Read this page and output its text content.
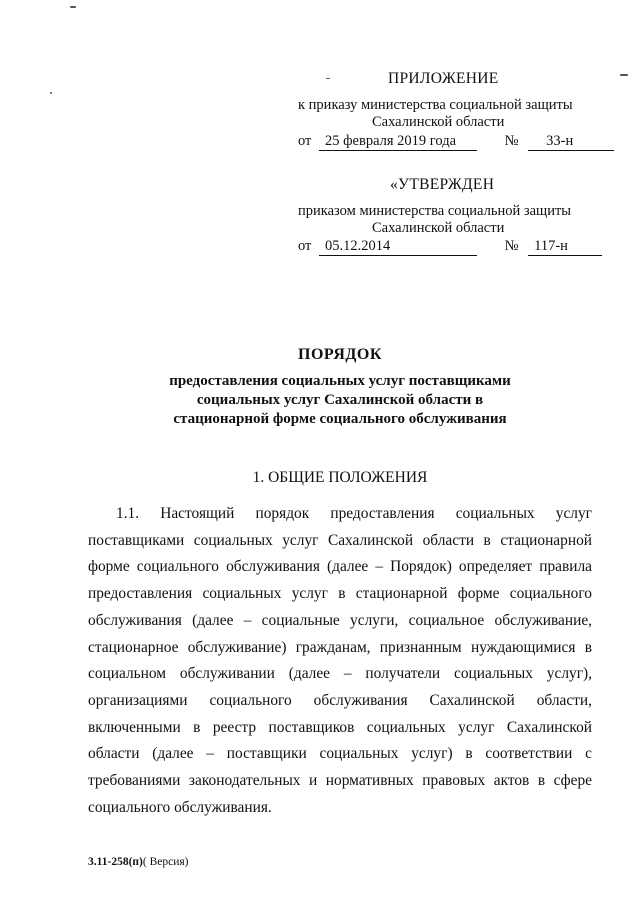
ПРИЛОЖЕНИЕ
к приказу министерства социальной защиты
Сахалинской области
от 25 февраля 2019 года	№ 33-н
«УТВЕРЖДЕН
приказом министерства социальной защиты
Сахалинской области
от 05.12.2014	№ 117-н
ПОРЯДОК
предоставления социальных услуг поставщиками
социальных услуг Сахалинской области в
стационарной форме социального обслуживания
1. ОБЩИЕ ПОЛОЖЕНИЯ
1.1. Настоящий порядок предоставления социальных услуг поставщиками социальных услуг Сахалинской области в стационарной форме социального обслуживания (далее – Порядок) определяет правила предоставления социальных услуг в стационарной форме социального обслуживания (далее – социальные услуги, социальное обслуживание, стационарное обслуживание) гражданам, признанным нуждающимися в социальном обслуживании (далее – получатели социальных услуг), организациями социального обслуживания Сахалинской области, включенными в реестр поставщиков социальных услуг Сахалинской области (далее – поставщики социальных услуг) в соответствии с требованиями законодательных и нормативных правовых актов в сфере социального обслуживания.
3.11-258(п)( Версия)
